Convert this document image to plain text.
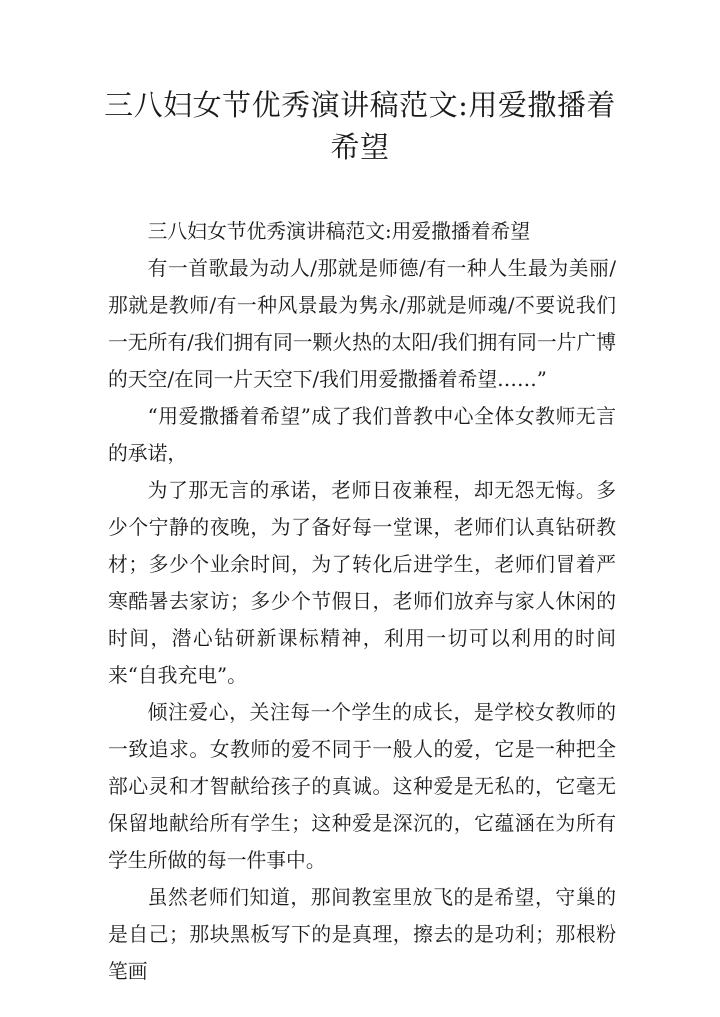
三八妇女节优秀演讲稿范文:用爱撒播着希望

三八妇女节优秀演讲稿范文:用爱撒播着希望

有一首歌最为动人/那就是师德/有一种人生最为美丽/那就是教师/有一种风景最为隽永/那就是师魂/不要说我们一无所有/我们拥有同一颗火热的太阳/我们拥有同一片广博的天空/在同一片天空下/我们用爱撒播着希望……”

“用爱撒播着希望”成了我们普教中心全体女教师无言的承诺，

为了那无言的承诺，老师日夜兼程，却无怨无悔。多少个宁静的夜晚，为了备好每一堂课，老师们认真钻研教材；多少个业余时间，为了转化后进学生，老师们冒着严寒酷暑去家访；多少个节假日，老师们放弃与家人休闲的时间，潜心钻研新课标精神，利用一切可以利用的时间来“自我充电”。

倾注爱心，关注每一个学生的成长，是学校女教师的一致追求。女教师的爱不同于一般人的爱，它是一种把全部心灵和才智献给孩子的真诚。这种爱是无私的，它毫无保留地献给所有学生；这种爱是深沉的，它蕴涵在为所有学生所做的每一件事中。

虽然老师们知道，那间教室里放飞的是希望，守巢的是自己；那块黑板写下的是真理，擦去的是功利；那根粉笔画
